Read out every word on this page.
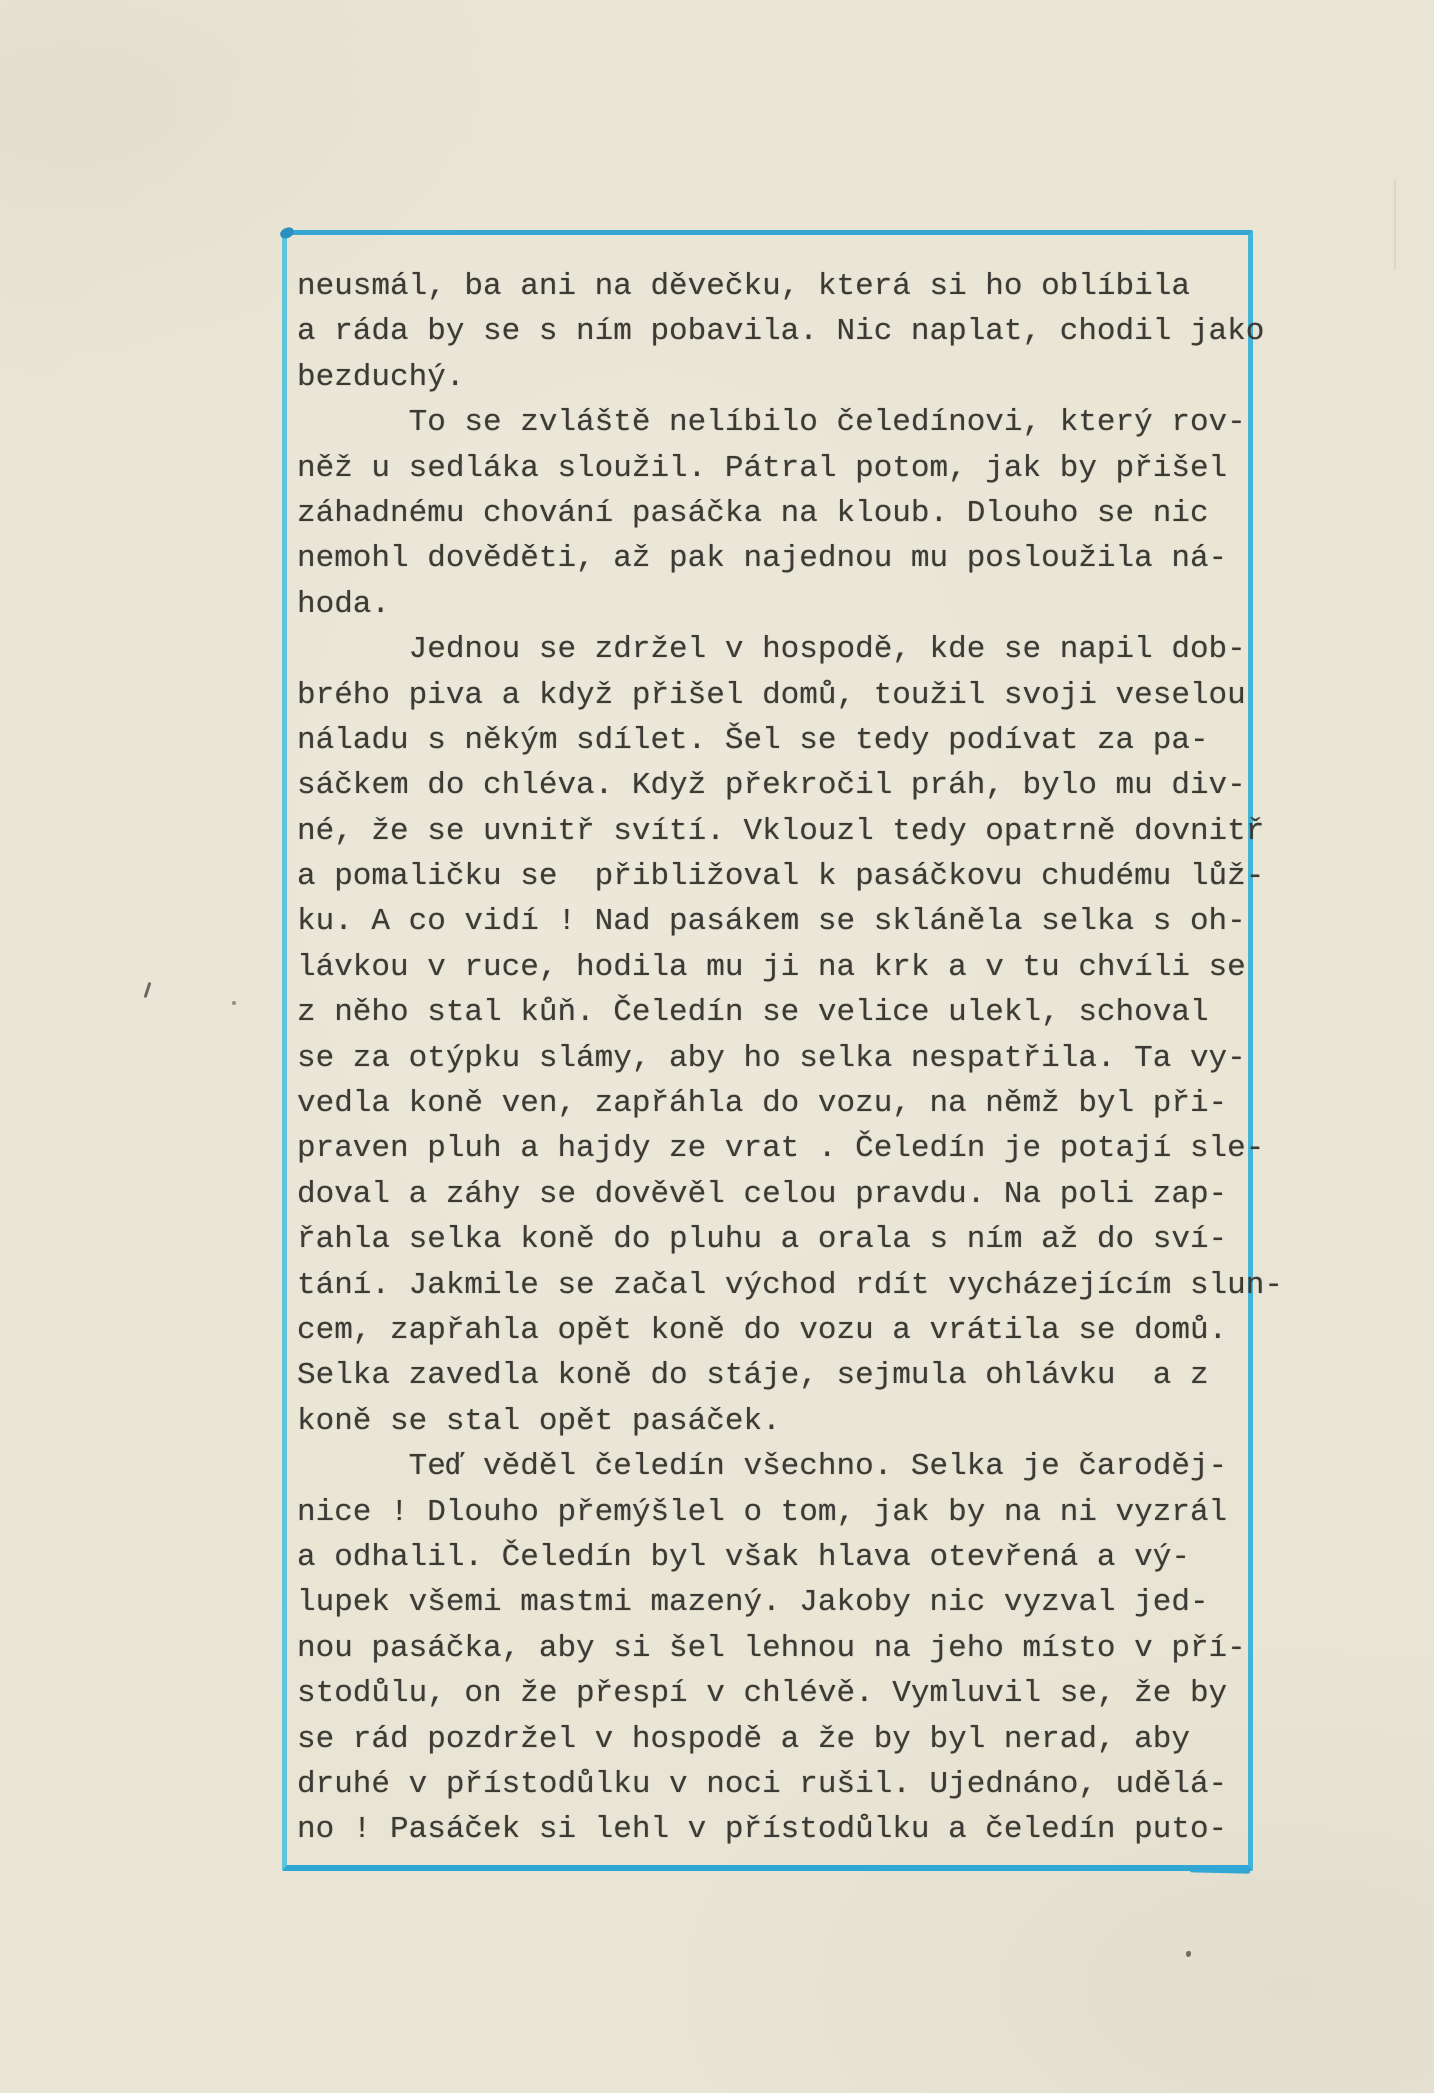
neusmál, ba ani na děvečku, která si ho oblíbila
a ráda by se s ním pobavila. Nic naplat, chodil jako
bezduchý.
To se zvláště nelíbilo čeledínovi, který rov-
něž u sedláka sloužil. Pátral potom, jak by přišel
záhadnému chování pasáčka na kloub. Dlouho se nic
nemohl dověděti, až pak najednou mu posloužila ná-
hoda.
Jednou se zdržel v hospodě, kde se napil dob-
brého piva a když přišel domů, toužil svoji veselou
náladu s někým sdílet. Šel se tedy podívat za pa-
sáčkem do chléva. Když překročil práh, bylo mu div-
né, že se uvnitř svítí. Vklouzl tedy opatrně dovnitř
a pomaličku se  přibližoval k pasáčkovu chudému lůž-
ku. A co vidí ! Nad pasákem se skláněla selka s oh-
lávkou v ruce, hodila mu ji na krk a v tu chvíli se
z něho stal kůň. Čeledín se velice ulekl, schoval
se za otýpku slámy, aby ho selka nespatřila. Ta vy-
vedla koně ven, zapřáhla do vozu, na němž byl při-
praven pluh a hajdy ze vrat . Čeledín je potají sle-
doval a záhy se dověvěl celou pravdu. Na poli zap-
řahla selka koně do pluhu a orala s ním až do sví-
tání. Jakmile se začal východ rdít vycházejícím slun-
cem, zapřahla opět koně do vozu a vrátila se domů.
Selka zavedla koně do stáje, sejmula ohlávku  a z
koně se stal opět pasáček.
Teď věděl čeledín všechno. Selka je čaroděj-
nice ! Dlouho přemýšlel o tom, jak by na ni vyzrál
a odhalil. Čeledín byl však hlava otevřená a vý-
lupek všemi mastmi mazený. Jakoby nic vyzval jed-
nou pasáčka, aby si šel lehnou na jeho místo v pří-
stodůlu, on že přespí v chlévě. Vymluvil se, že by
se rád pozdržel v hospodě a že by byl nerad, aby
druhé v přístodůlku v noci rušil. Ujednáno, udělá-
no ! Pasáček si lehl v přístodůlku a čeledín puto-
